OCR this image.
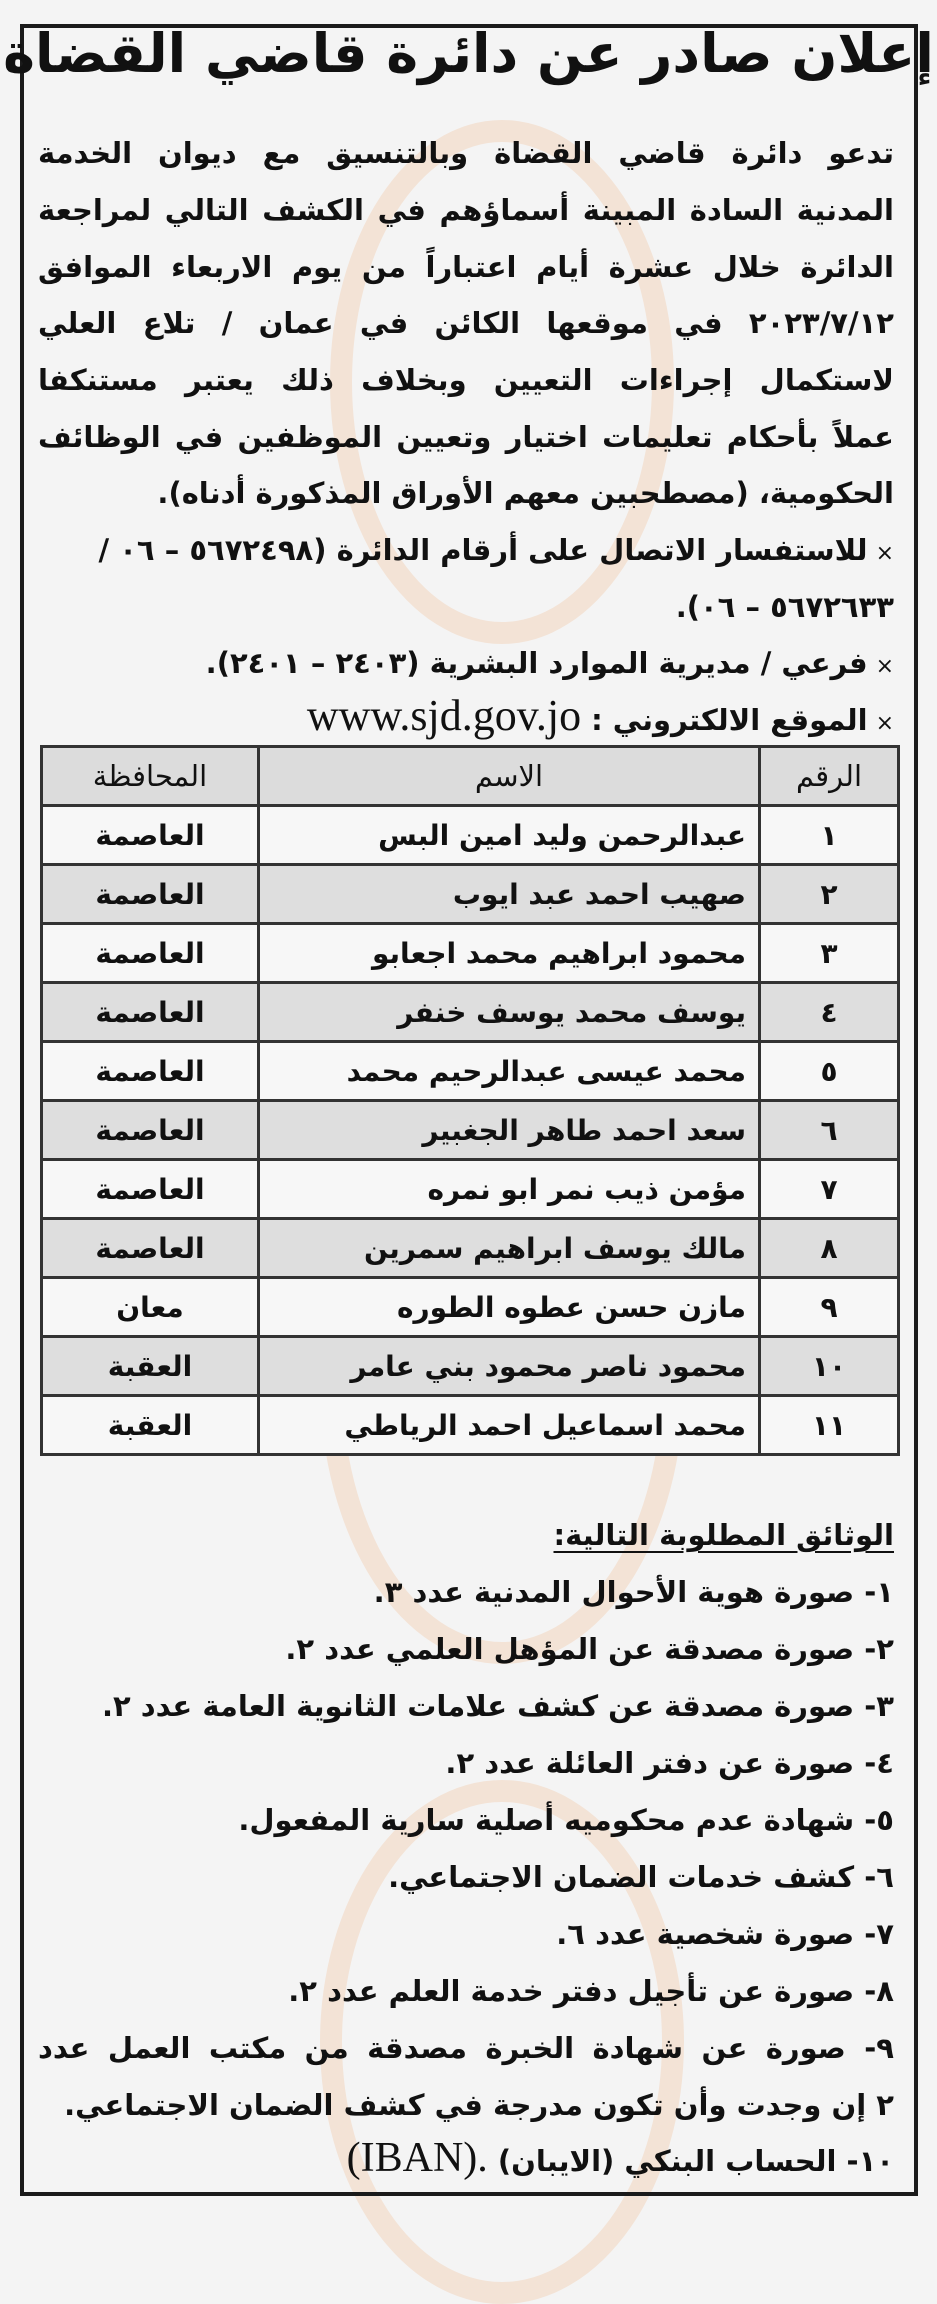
إعلان صادر عن دائرة قاضي القضاة
تدعو دائرة قاضي القضاة وبالتنسيق مع ديوان الخدمة
المدنية السادة المبينة أسماؤهم في الكشف التالي لمراجعة
الدائرة خلال عشرة أيام اعتباراً من يوم الاربعاء الموافق
٢٠٢٣/٧/١٢ في موقعها الكائن في عمان / تلاع العلي
لاستكمال إجراءات التعيين وبخلاف ذلك يعتبر مستنكفا
عملاً بأحكام تعليمات اختيار وتعيين الموظفين في الوظائف
الحكومية، (مصطحبين معهم الأوراق المذكورة أدناه).
×للاستفسار الاتصال على أرقام الدائرة (٥٦٧٢٤٩٨ – ٠٦ /
٥٦٧٢٦٣٣ – ٠٦).
×فرعي / مديرية الموارد البشرية (٢٤٠٣ – ٢٤٠١).
×الموقع الالكتروني :www.sjd.gov.jo
الرقم	الاسم	المحافظة
١	عبدالرحمن وليد امين البس	العاصمة
٢	صهيب احمد عبد ايوب	العاصمة
٣	محمود ابراهيم محمد اجعابو	العاصمة
٤	يوسف محمد يوسف خنفر	العاصمة
٥	محمد عيسى عبدالرحيم محمد	العاصمة
٦	سعد احمد طاهر الجغبير	العاصمة
٧	مؤمن ذيب نمر ابو نمره	العاصمة
٨	مالك يوسف ابراهيم سمرين	العاصمة
٩	مازن حسن عطوه الطوره	معان
١٠	محمود ناصر محمود بني عامر	العقبة
١١	محمد اسماعيل احمد الرياطي	العقبة
الوثائق المطلوبة التالية:
١- صورة هوية الأحوال المدنية عدد ٣.
٢- صورة مصدقة عن المؤهل العلمي عدد ٢.
٣- صورة مصدقة عن كشف علامات الثانوية العامة عدد ٢.
٤- صورة عن دفتر العائلة عدد ٢.
٥- شهادة عدم محكوميه أصلية سارية المفعول.
٦- كشف خدمات الضمان الاجتماعي.
٧- صورة شخصية عدد ٦.
٨- صورة عن تأجيل دفتر خدمة العلم عدد ٢.
٩- صورة عن شهادة الخبرة مصدقة من مكتب العمل عدد
٢ إن وجدت وأن تكون مدرجة في كشف الضمان الاجتماعي.
١٠- الحساب البنكي (الايبان) (IBAN).
